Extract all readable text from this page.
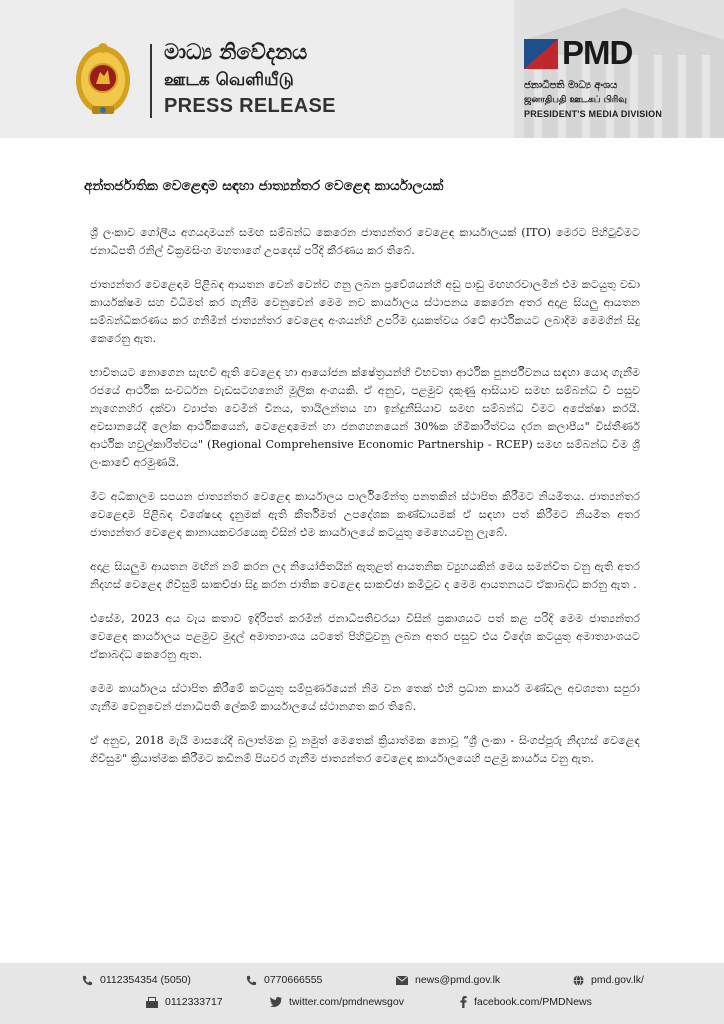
මාධ්‍ය නිවේදනය
ஊடக வெளியீடு
PRESS RELEASE
PMD
ජනාධිපති මාධ්‍ය අංශය
ஜனாதிபதி ஊடகப் பிரிவு
PRESIDENT'S MEDIA DIVISION
අන්තර්ජාතික වෙළෙඳාම සඳහා ජාත්‍යන්තර වෙළෙඳ කාර්යාලයක්

ශ්‍රී ලංකාව ගෝලීය අගයදාමයන් සමඟ සම්බන්ධ කෙරෙන ජාත්‍යන්තර වෙළෙඳ කාර්යාලයක් (ITO) මෙරට පිහිටුවීමට ජනාධිපති රනිල් වික්‍රමසිංහ මහතාගේ උපදෙස් පරිදි කීරණය කර තිබේ.

ජාත්‍යන්තර වෙළෙඳාම පිළිබඳ ආයතන වෙන් වෙන්ව ගනු ලබන ප්‍රවේශයන්හි අඩු පාඩු මඟහරවාලමින් එම කටයුතු වඩා කාර්යක්ෂම සහ විධිමත් කර ගැනීම වෙනුවෙන් මෙම නව කාර්යාලය ස්ථාපනය කෙරෙන අතර අදාළ සියලු ආයතන සම්බන්ධීකරණය කර ගනිමින් ජාත්‍යන්තර වෙළෙඳ අංශයන්හි උපරිම දායකත්වය රටේ ආර්ථිකයට ලබාදීම මෙමගින් සිදු කෙරෙනු ඇත.

භාවිතයට නොගෙන සැඟවී ඇති වෙළෙඳ හා ආයෝජන ක්ෂේත්‍රයන්හි විභවතා ආර්ථික පුනර්ජීවනය සඳහා යොදා ගැනීම රජයේ ආර්ථික සංවර්ධන වැඩසටහනෙහි මූලික අංගයකි. ඒ අනුව, පළමුව දකුණු ආසියාව සමඟ සම්බන්ධ වී පසුව නැගෙනහිර දක්වා ව්‍යාප්ත වෙමින් චීනය, තායිලන්තය හා ඉන්දුනීසියාව සමඟ සම්බන්ධ වීමට අපේක්ෂා කරයි. අවසානයේදී ලෝක ආර්ථිකයෙන්, වෙළෙඳාමෙන් හා ජනගහනයෙන් 30%ක හිමිකාරීත්වය දරන කලාපීය" විස්තීර්ණ ආර්ථික හවුල්කාරිත්වය" (Regional Comprehensive Economic Partnership - RCEP) සමඟ සම්බන්ධ වීම ශ්‍රී ලංකාවේ අරමුණයි.

මීට අධිකාලම සපයන ජාත්‍යන්තර වෙළෙඳ කාර්යාලය පාර්ලිමේන්තු පනතකින් ස්ථාපිත කිරීමට නියමිතය. ජාත්‍යන්තර වෙළෙඳාම පිළිබඳ විශේෂඥ දැනුමක් ඇති කීර්තිමත් උපදේශක කණ්ඩායමක් ඒ සඳහා පත් කිරීමට නියමිත අතර ජාත්‍යන්තර වෙළෙඳ කානායකවරයෙකු විසින් එම කාර්යාලයේ කටයුතු මෙහෙයවනු ලැබේ.

අදාළ සියලුම ආයතන මඟින් නම් කරන ලද නියෝජිතයින් ඇතුළත් ආයතනික ව්‍යුහයකින් මෙය සමන්විත වනු ඇති අතර නිදහස් වෙළෙඳ ගිවිසුම් සාකච්ඡා සිදු කරන ජාතික වෙළෙඳ සාකච්ඡා කමිටුව ද මෙම ආයතනයට ඒකාබද්ධ කරනු ඇත .

එසේම, 2023 අය වැය කතාව ඉදිරිපත් කරමින් ජනාධිපතිවරයා විසින් ප්‍රකාශයට පත් කළ පරිදි මෙම ජාත්‍යන්තර වෙළෙඳ කාර්යාලය පළමුව මුදල් අමාත්‍යාංශය යටතේ පිහිටුවනු ලබන අතර පසුව එය විදේශ කටයුතු අමාත්‍යාංශයට ඒකාබද්ධ කෙරෙනු ඇත.

මෙම කාර්යාලය ස්ථාපිත කිරීමේ කටයුතු සම්පූර්ණයෙන් නිම වන තෙක් එහි ප්‍රධාන කාර්ය මණ්ඩල අවශ්‍යතා සපුරා ගැනීම වෙනුවෙන් ජනාධිපති ලේකම් කාර්යාලයේ ස්ථානගත කර තිබේ.

ඒ අනුව, 2018 මැයි මාසයේදී බලාත්මක වූ නමුත් මෙතෙක් ක්‍රියාත්මක නොවූ “ශ්‍රී ලංකා - සිංගප්පූරු නිදහස් වෙළෙඳ ගිවිසුම" ක්‍රියාත්මක කිරීමට කඩිනම් පියවර ගැනීම ජාත්‍යන්තර වෙළෙඳ කාර්යාලයෙහි පළමු කාර්යය වනු ඇත.

0112354354 (5050)	0770666555	news@pmd.gov.lk	pmd.gov.lk/
0112333717	twitter.com/pmdnewsgov	facebook.com/PMDNews
